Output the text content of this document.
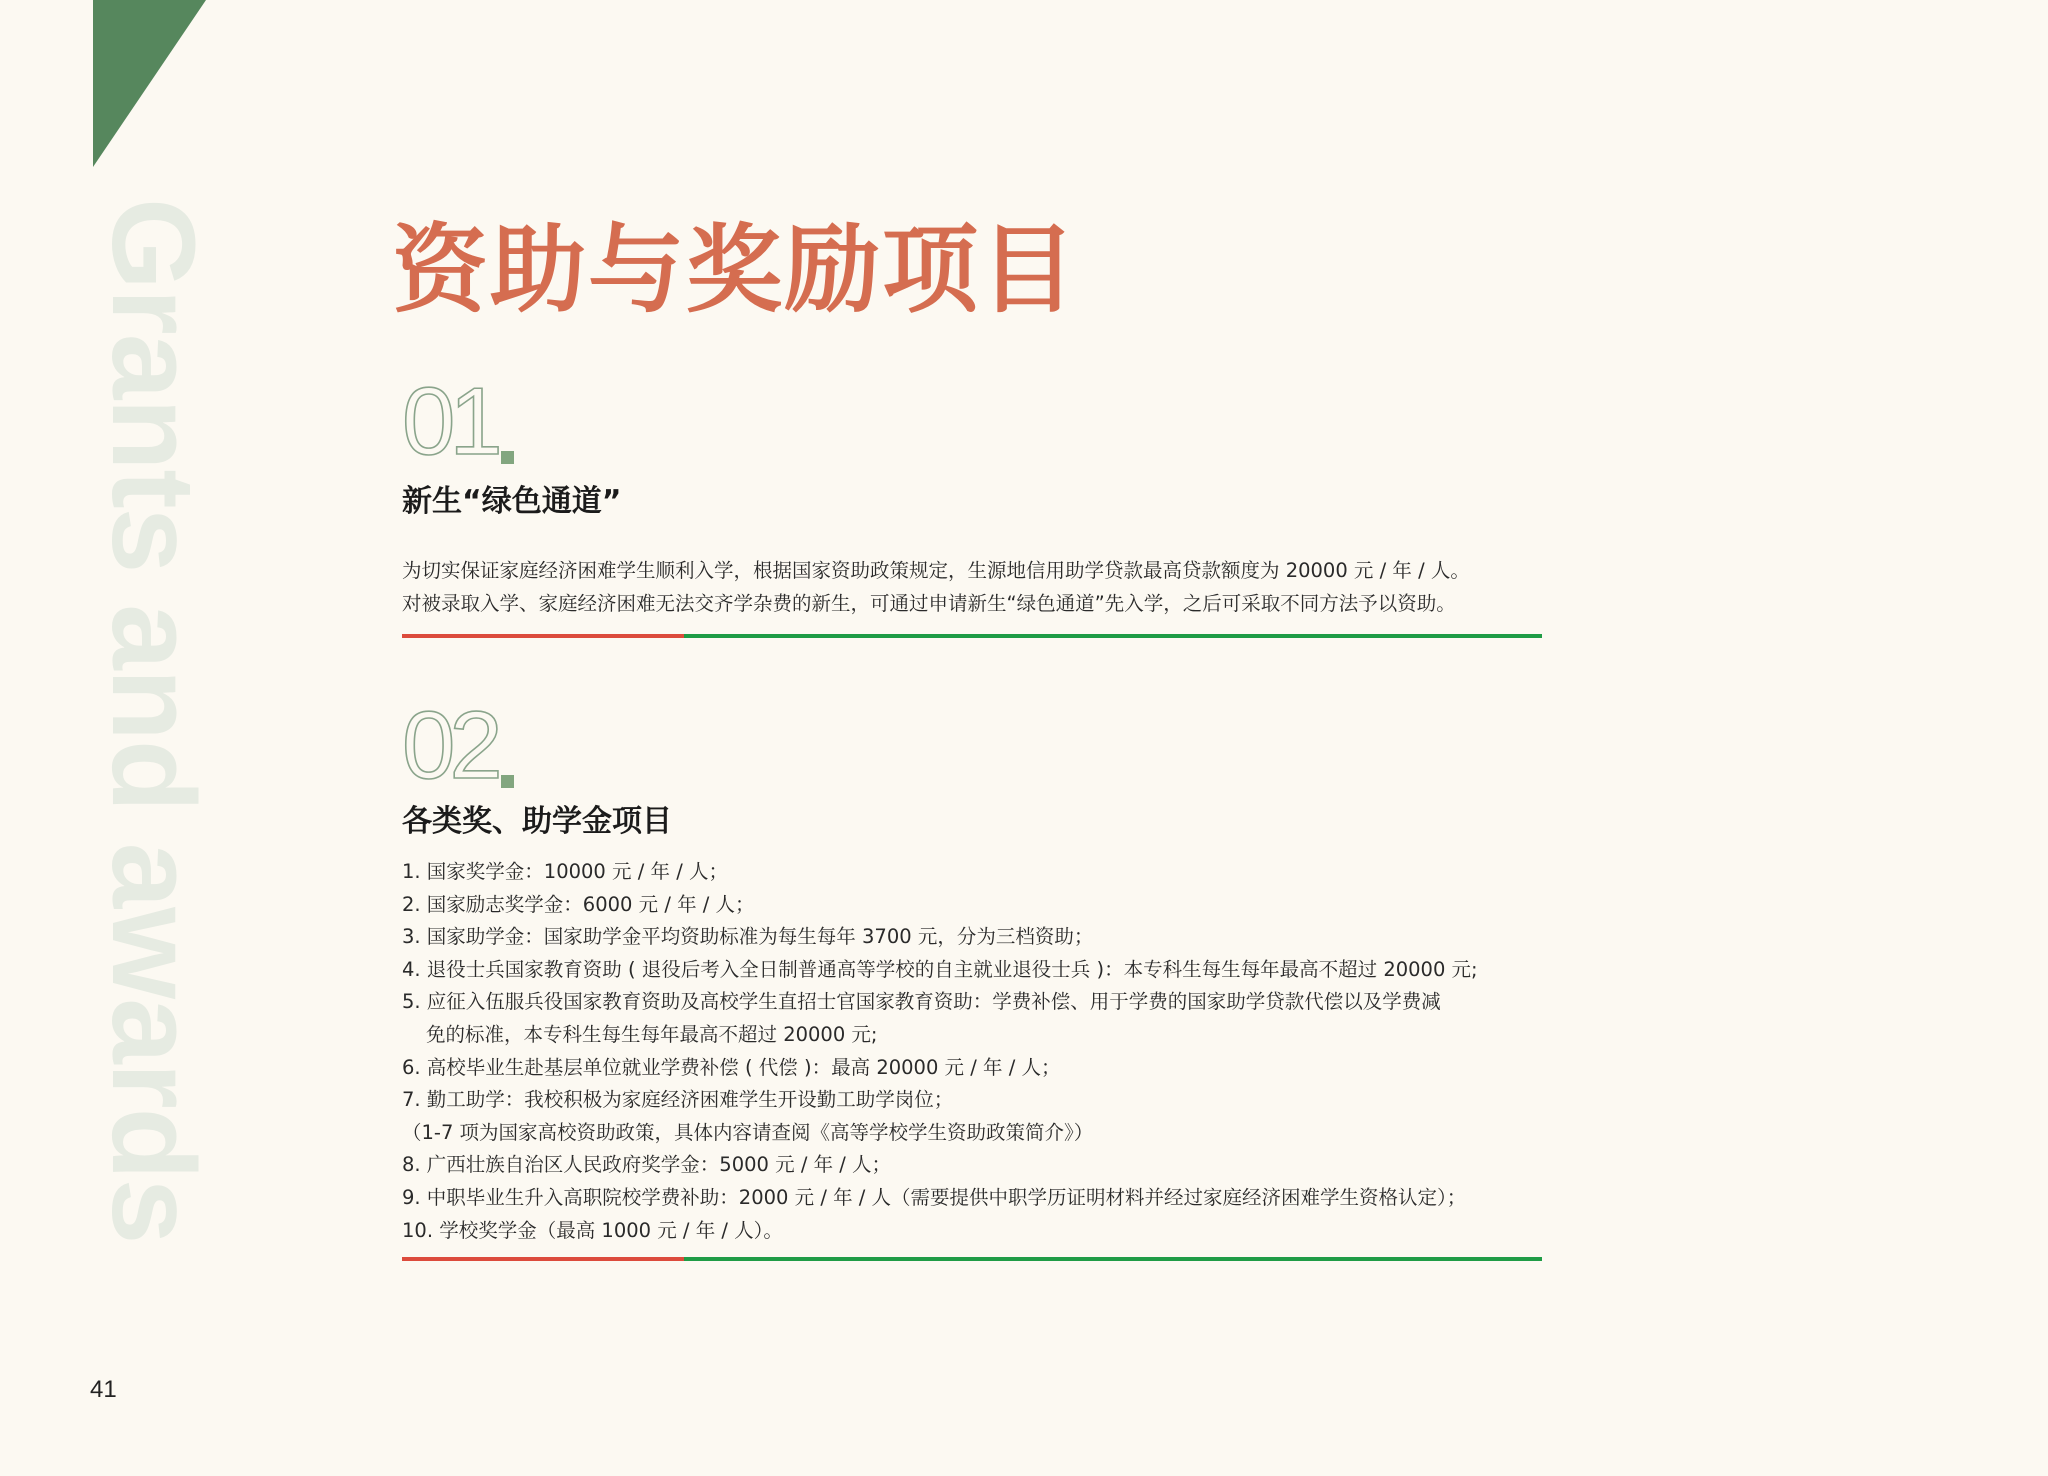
Grants and awards 资助与奖励项目
01
新生“绿色通道”
为切实保证家庭经济困难学生顺利入学，根据国家资助政策规定，生源地信用助学贷款最高贷款额度为 20000 元 / 年 / 人。
对被录取入学、家庭经济困难无法交齐学杂费的新生，可通过申请新生“绿色通道”先入学，之后可采取不同方法予以资助。
02
各类奖、助学金项目
1. 国家奖学金：10000 元 / 年 / 人；
2. 国家励志奖学金：6000 元 / 年 / 人；
3. 国家助学金：国家助学金平均资助标准为每生每年 3700 元，分为三档资助；
4. 退役士兵国家教育资助 ( 退役后考入全日制普通高等学校的自主就业退役士兵 )：本专科生每生每年最高不超过 20000 元;
5. 应征入伍服兵役国家教育资助及高校学生直招士官国家教育资助：学费补偿、用于学费的国家助学贷款代偿以及学费减
免的标准，本专科生每生每年最高不超过 20000 元;
6. 高校毕业生赴基层单位就业学费补偿 ( 代偿 )：最高 20000 元 / 年 / 人；
7. 勤工助学：我校积极为家庭经济困难学生开设勤工助学岗位；
（1-7 项为国家高校资助政策，具体内容请查阅《高等学校学生资助政策简介》）
8. 广西壮族自治区人民政府奖学金：5000 元 / 年 / 人；
9. 中职毕业生升入高职院校学费补助：2000 元 / 年 / 人（需要提供中职学历证明材料并经过家庭经济困难学生资格认定）；
10. 学校奖学金（最高 1000 元 / 年 / 人）。
41
